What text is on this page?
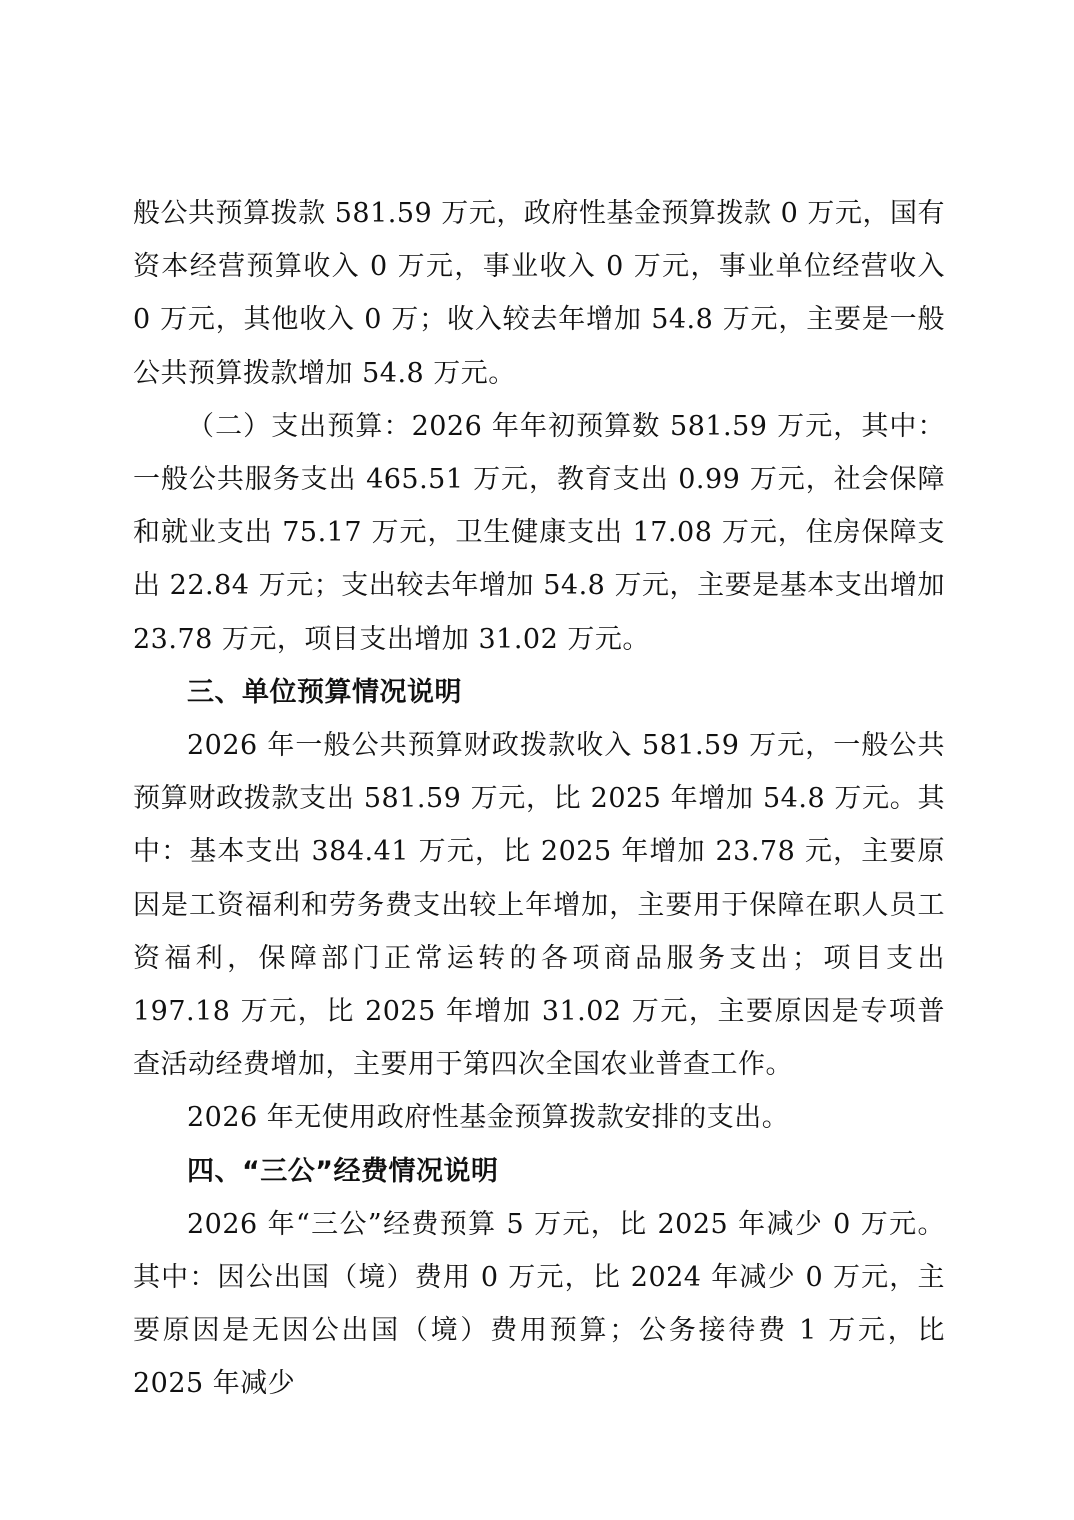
般公共预算拨款 581.59 万元，政府性基金预算拨款 0 万元，国有资本经营预算收入 0 万元，事业收入 0 万元，事业单位经营收入 0 万元，其他收入 0 万；收入较去年增加 54.8 万元，主要是一般公共预算拨款增加 54.8 万元。

（二）支出预算：2026 年年初预算数 581.59 万元，其中：一般公共服务支出 465.51 万元，教育支出 0.99 万元，社会保障和就业支出 75.17 万元，卫生健康支出 17.08 万元，住房保障支出 22.84 万元；支出较去年增加 54.8 万元，主要是基本支出增加 23.78 万元，项目支出增加 31.02 万元。

三、单位预算情况说明

2026 年一般公共预算财政拨款收入 581.59 万元，一般公共预算财政拨款支出 581.59 万元，比 2025 年增加 54.8 万元。其中：基本支出 384.41 万元，比 2025 年增加 23.78 元，主要原因是工资福利和劳务费支出较上年增加，主要用于保障在职人员工资福利，保障部门正常运转的各项商品服务支出；项目支出 197.18 万元，比 2025 年增加 31.02 万元，主要原因是专项普查活动经费增加，主要用于第四次全国农业普查工作。

2026 年无使用政府性基金预算拨款安排的支出。

四、“三公”经费情况说明

2026 年“三公”经费预算 5 万元，比 2025 年减少 0 万元。其中：因公出国（境）费用 0 万元，比 2024 年减少 0 万元，主要原因是无因公出国（境）费用预算；公务接待费 1 万元，比 2025 年减少
